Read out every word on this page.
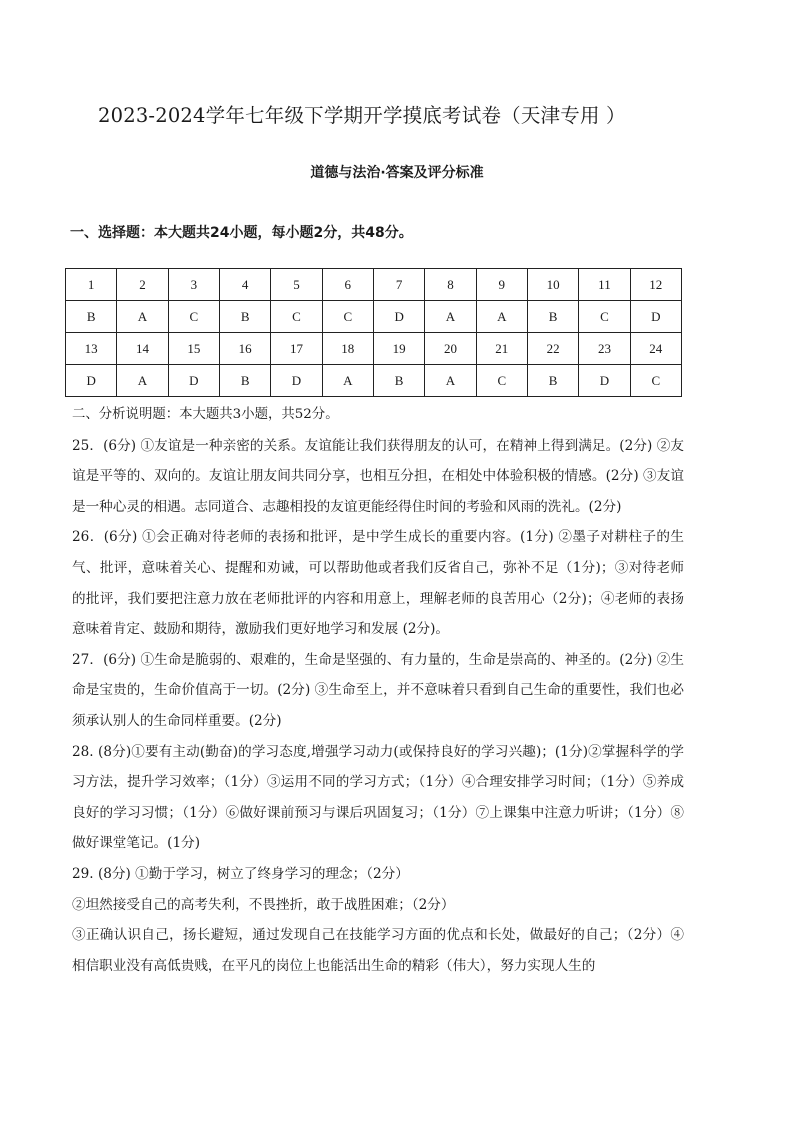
2023-2024学年七年级下学期开学摸底考试卷（天津专用 ）
道德与法治·答案及评分标准
一、选择题：本大题共24小题，每小题2分，共48分。
1	2	3	4	5	6	7	8	9	10	11	12
B	A	C	B	C	C	D	A	A	B	C	D
13	14	15	16	17	18	19	20	21	22	23	24
D	A	D	B	D	A	B	A	C	B	D	C

二、分析说明题：本大题共3小题，共52分。

25．(6分) ①友谊是一种亲密的关系。友谊能让我们获得朋友的认可，在精神上得到满足。(2分) ②友谊是平等的、双向的。友谊让朋友间共同分享，也相互分担，在相处中体验积极的情感。(2分) ③友谊是一种心灵的相遇。志同道合、志趣相投的友谊更能经得住时间的考验和风雨的洗礼。(2分)

26．(6分) ①会正确对待老师的表扬和批评，是中学生成长的重要内容。(1分) ②墨子对耕柱子的生气、批评，意味着关心、提醒和劝诫，可以帮助他或者我们反省自己，弥补不足（1分)；③对待老师的批评，我们要把注意力放在老师批评的内容和用意上，理解老师的良苦用心（2分)；④老师的表扬意味着肯定、鼓励和期待，激励我们更好地学习和发展 (2分)。

27．(6分) ①生命是脆弱的、艰难的，生命是坚强的、有力量的，生命是崇高的、神圣的。(2分) ②生命是宝贵的，生命价值高于一切。(2分) ③生命至上，并不意味着只看到自己生命的重要性，我们也必须承认别人的生命同样重要。(2分)

28. (8分)①要有主动(勤奋)的学习态度,增强学习动力(或保持良好的学习兴趣)；(1分)②掌握科学的学习方法，提升学习效率；（1分）③运用不同的学习方式；（1分）④合理安排学习时间；（1分）⑤养成良好的学习习惯；（1分）⑥做好课前预习与课后巩固复习；（1分）⑦上课集中注意力听讲；（1分）⑧做好课堂笔记。(1分)

29. (8分) ①勤于学习，树立了终身学习的理念；（2分）

②坦然接受自己的高考失利，不畏挫折，敢于战胜困难；（2分）

③正确认识自己，扬长避短，通过发现自己在技能学习方面的优点和长处，做最好的自己；（2分）④相信职业没有高低贵贱，在平凡的岗位上也能活出生命的精彩（伟大），努力实现人生的
